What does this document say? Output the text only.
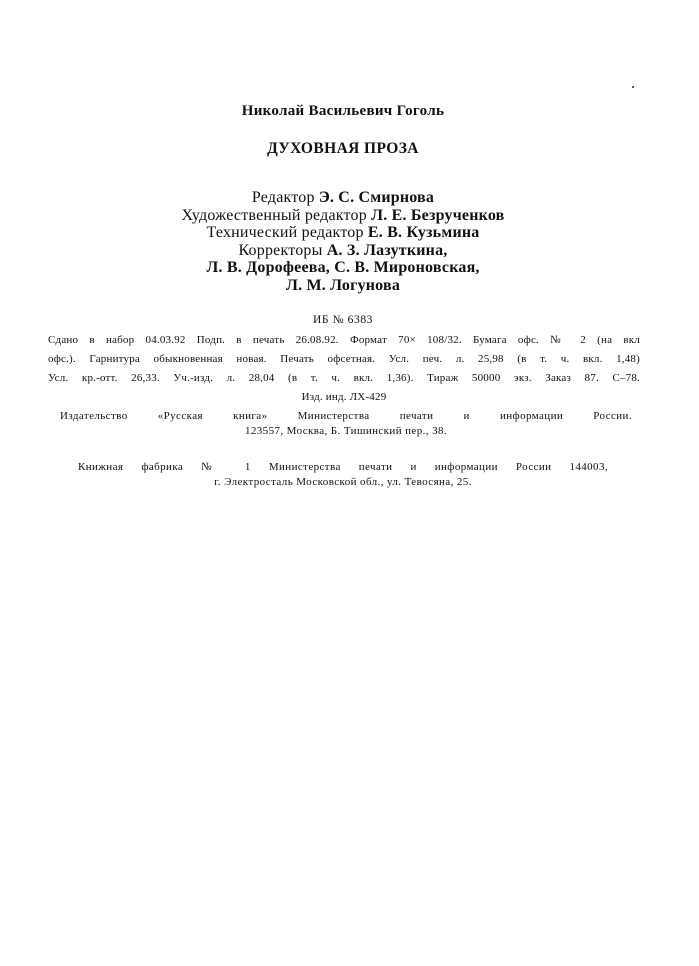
Николай Васильевич Гоголь
ДУХОВНАЯ ПРОЗА
Редактор Э. С. Смирнова
Художественный редактор Л. Е. Безрученков
Технический редактор Е. В. Кузьмина
Корректоры А. З. Лазуткина,
Л. В. Дорофеева, С. В. Мироновская,
Л. М. Логунова
ИБ № 6383
Сдано в набор 04.03.92 Подп. в печать 26.08.92. Формат 70× 108/32. Бумага офс. № 2 (на вкл
офс.). Гарнитура обыкновенная новая. Печать офсетная. Усл. печ. л. 25,98 (в т. ч. вкл. 1,48)
Усл. кр.-отт. 26,33. Уч.-изд. л. 28,04 (в т. ч. вкл. 1,36). Тираж 50000 экз. Заказ 87. С–78.
Изд. инд. ЛХ-429
Издательство «Русская книга» Министерства печати и информации России.
123557, Москва, Б. Тишинский пер., 38.
Книжная фабрика № 1 Министерства печати и информации России 144003,
г. Электросталь Московской обл., ул. Тевосяна, 25.
